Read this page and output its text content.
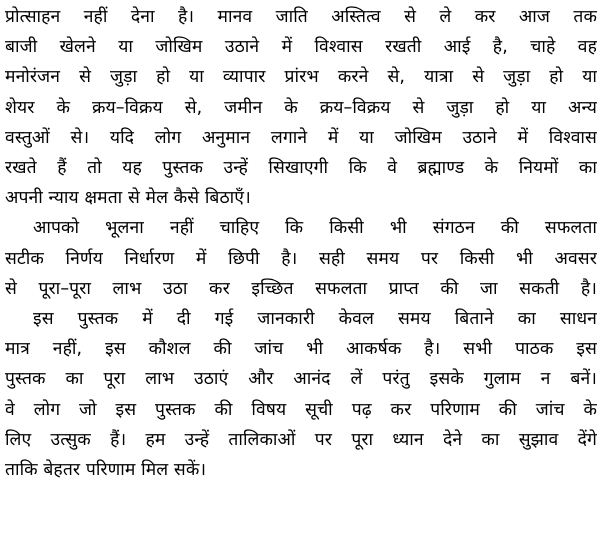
प्रोत्साहन नहीं देना है। मानव जाति अस्तित्व से ले कर आज तक
बाजी खेलने या जोखिम उठाने में विश्वास रखती आई है, चाहे वह
मनोरंजन से जुड़ा हो या व्यापार प्रांरभ करने से, यात्रा से जुड़ा हो या
शेयर के क्रय–विक्रय से, जमीन के क्रय–विक्रय से जुड़ा हो या अन्य
वस्तुओं से। यदि लोग अनुमान लगाने में या जोखिम उठाने में विश्वास
रखते हैं तो यह पुस्तक उन्हें सिखाएगी कि वे ब्रह्माण्ड के नियमों का
अपनी न्याय क्षमता से मेल कैसे बिठाएँ।

आपको भूलना नहीं चाहिए कि किसी भी संगठन की सफलता
सटीक निर्णय निर्धारण में छिपी है। सही समय पर किसी भी अवसर
से पूरा–पूरा लाभ उठा कर इच्छित सफलता प्राप्त की जा सकती है।

इस पुस्तक में दी गई जानकारी केवल समय बिताने का साधन
मात्र नहीं, इस कौशल की जांच भी आकर्षक है। सभी पाठक इस
पुस्तक का पूरा लाभ उठाएं और आनंद लें परंतु इसके गुलाम न बनें।
वे लोग जो इस पुस्तक की विषय सूची पढ़ कर परिणाम की जांच के
लिए उत्सुक हैं। हम उन्हें तालिकाओं पर पूरा ध्यान देने का सुझाव देंगे
ताकि बेहतर परिणाम मिल सकें।
